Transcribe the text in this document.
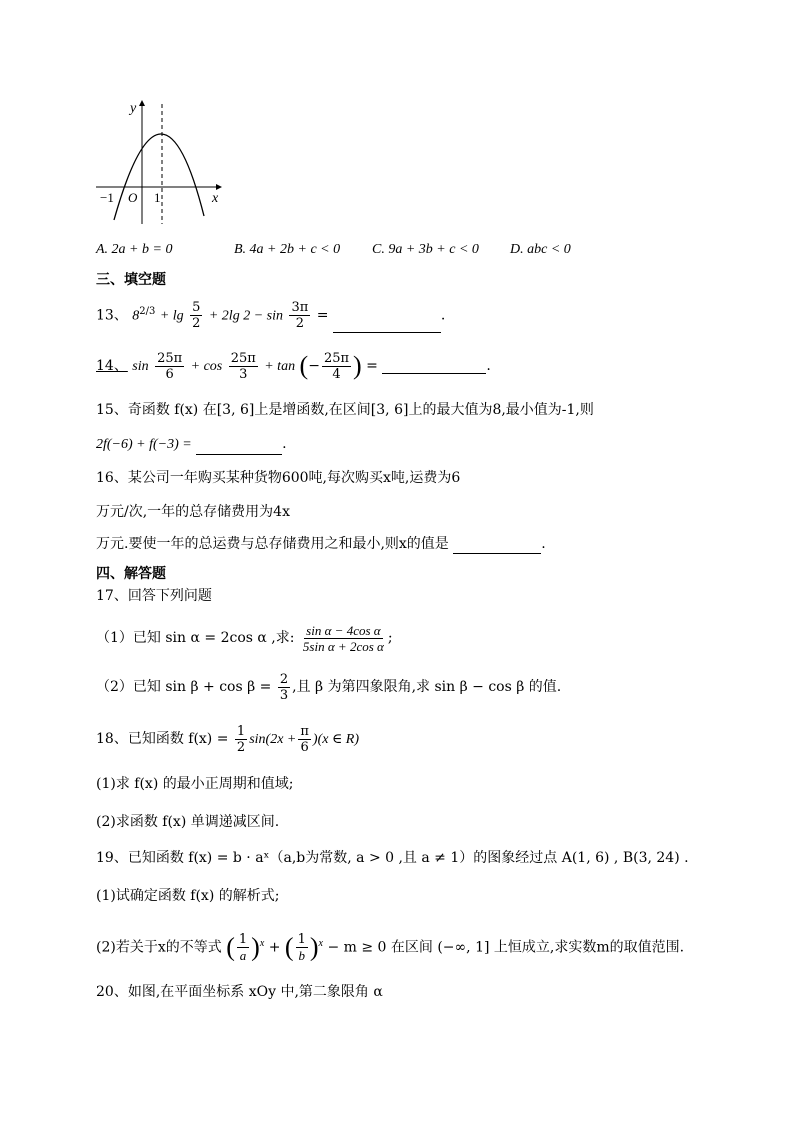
y
x
O
−1	1
A. 2a + b = 0	B. 4a + 2b + c < 0 C. 9a + 3b + c < 0 D. abc < 0
三、填空题
13、 $8^{2/3} + \lg \frac{5}{2} + 2\lg$ $2 - \sin \frac{3\pi}{2}$ =	.
14、 $\sin \frac{25\pi}{6} + \cos \frac{25\pi}{3} + \tan$ (− $\frac{25\pi}{4}$ ) =	.
15、奇函数 f(x) 在[3, 6]上是增函数,在区间[3, 6]上的最大值为8,最小值为-1,则
2f(−6) + f(−3) =	.
16、某公司一年购买某种货物600吨,每次购买x吨,运费为6
万元/次,一年的总存储费用为4x
万元.要使一年的总运费与总存储费用之和最小,则x的值是	.
四、解答题
17、回答下列问题
（1）已知 sin α = 2cos α ,求: $\frac{\text{sin α − 4cos α}}{\text{5sin α + 2cos α}}$ ;
（2）已知 $\sin \beta + \cos \beta = \frac{2}{3}$ ,且 β 为第四象限角,求 sin β − cos β 的值.
18、已知函数 $f(x) = \frac{1}{2} \sin(2x + \frac{\pi}{6} )(x$ ∈ R)
(1)求 f(x) 的最小正周期和值域;
(2)求函数 f(x) 单调递减区间.
19、已知函数 f(x) = b · aˣ（a,b为常数, a > 0 ,且 a ≠ 1）的图象经过点 A(1, 6) , B(3, 24) .
(1)试确定函数 f(x) 的解析式;
(2)若关于x的不等式 ( $\frac{1}{a} )^x$ + ( $\frac{1}{b} )^x - m \ge 0$ 在区间 (−∞, 1] 上恒成立,求实数m的取值范围.
20、如图,在平面坐标系 xOy 中,第二象限角 α
